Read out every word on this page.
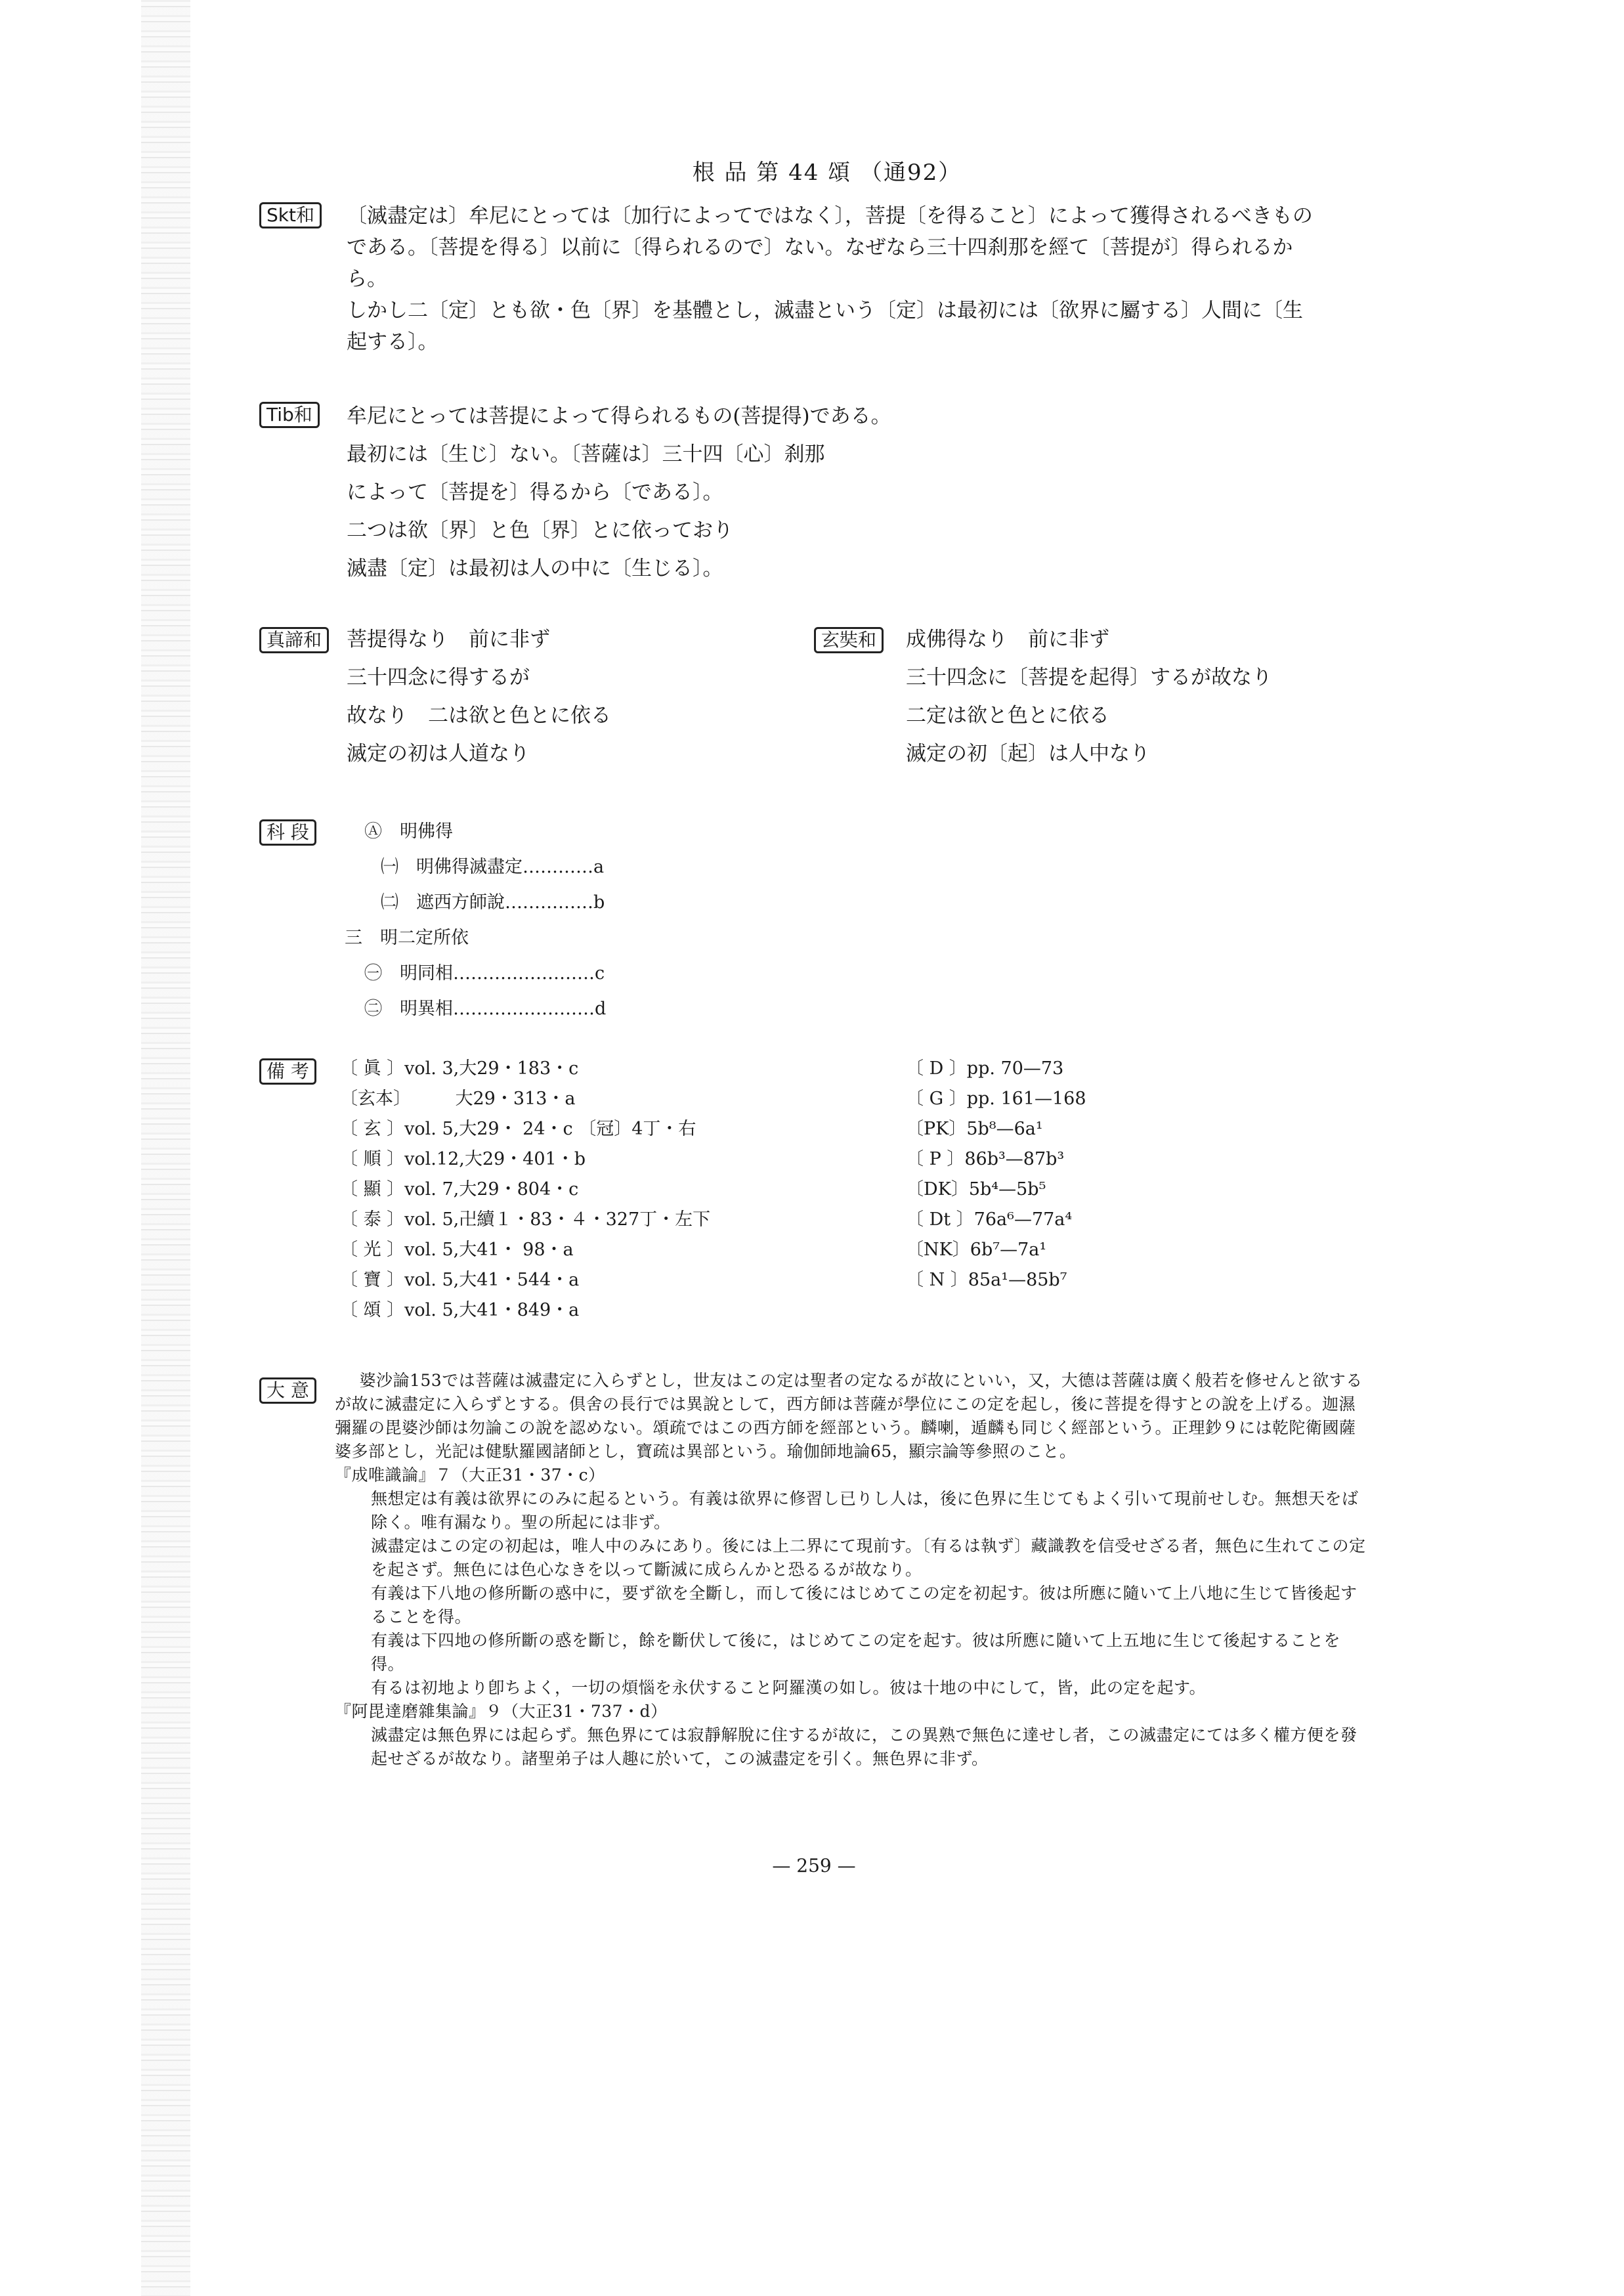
根 品 第 44 頌 （通92）
Skt和	〔滅盡定は〕牟尼にとっては〔加行によってではなく〕，菩提〔を得ること〕によって獲得されるべきもの

である。〔菩提を得る〕以前に〔得られるので〕ない。なぜなら三十四刹那を經て〔菩提が〕得られるか

ら。

しかし二〔定〕とも欲・色〔界〕を基體とし，滅盡という〔定〕は最初には〔欲界に屬する〕人間に〔生

起する〕。

Tib和	牟尼にとっては菩提によって得られるもの(菩提得)である。

最初には〔生じ〕ない。〔菩薩は〕三十四〔心〕刹那

によって〔菩提を〕得るから〔である〕。

二つは欲〔界〕と色〔界〕とに依っており

滅盡〔定〕は最初は人の中に〔生じる〕。

真諦和	菩提得なり　前に非ず

三十四念に得するが

故なり　二は欲と色とに依る

滅定の初は人道なり

玄奘和	成佛得なり　前に非ず

三十四念に〔菩提を起得〕するが故なり

二定は欲と色とに依る

滅定の初〔起〕は人中なり

科 段	Ⓐ　明佛得

㈠　明佛得滅盡定…………a

㈡　遮西方師說……………b

三　明二定所依

㊀　明同相……………………c

㊁　明異相……………………d

備 考	〔 眞 〕vol. 3,大29・183・c

〔玄本〕　　　大29・313・a

〔 玄 〕vol. 5,大29・ 24・c 〔冠〕4丁・右

〔 順 〕vol.12,大29・401・b

〔 顯 〕vol. 7,大29・804・c

〔 泰 〕vol. 5,卍續１・83・４・327丁・左下

〔 光 〕vol. 5,大41・ 98・a

〔 寶 〕vol. 5,大41・544・a

〔 頌 〕vol. 5,大41・849・a

〔 D 〕pp. 70—73

〔 G 〕pp. 161—168

〔PK〕5b⁸—6a¹

〔 P 〕86b³—87b³

〔DK〕5b⁴—5b⁵

〔 Dt 〕76a⁶—77a⁴

〔NK〕6b⁷—7a¹

〔 N 〕85a¹—85b⁷

大 意	婆沙論153では菩薩は滅盡定に入らずとし，世友はこの定は聖者の定なるが故にといい，又，大德は菩薩は廣く般若を修せんと欲するが故に滅盡定に入らずとする。倶舍の長行では異說として，西方師は菩薩が學位にこの定を起し，後に菩提を得すとの說を上げる。迦濕彌羅の毘婆沙師は勿論この說を認めない。頌疏ではこの西方師を經部という。麟喇，遁麟も同じく經部という。正理鈔９には乾陀衛國薩婆多部とし，光記は健馱羅國諸師とし，寶疏は異部という。瑜伽師地論65，顯宗論等參照のこと。

『成唯識論』７（大正31・37・c）

無想定は有義は欲界にのみに起るという。有義は欲界に修習し已りし人は，後に色界に生じてもよく引いて現前せしむ。無想天をば除く。唯有漏なり。聖の所起には非ず。

滅盡定はこの定の初起は，唯人中のみにあり。後には上二界にて現前す。〔有るは執ず〕藏識教を信受せざる者，無色に生れてこの定を起さず。無色には色心なきを以って斷滅に成らんかと恐るるが故なり。

有義は下八地の修所斷の惑中に，要ず欲を全斷し，而して後にはじめてこの定を初起す。彼は所應に隨いて上八地に生じて皆後起することを得。

有義は下四地の修所斷の惑を斷じ，餘を斷伏して後に，はじめてこの定を起す。彼は所應に隨いて上五地に生じて後起することを得。

有るは初地より卽ちよく，一切の煩惱を永伏すること阿羅漢の如し。彼は十地の中にして，皆，此の定を起す。

『阿毘達磨雜集論』９（大正31・737・d）

滅盡定は無色界には起らず。無色界にては寂靜解脫に住するが故に，この異熟で無色に達せし者，この滅盡定にては多く權方便を發起せざるが故なり。諸聖弟子は人趣に於いて，この滅盡定を引く。無色界に非ず。

— 259 —
